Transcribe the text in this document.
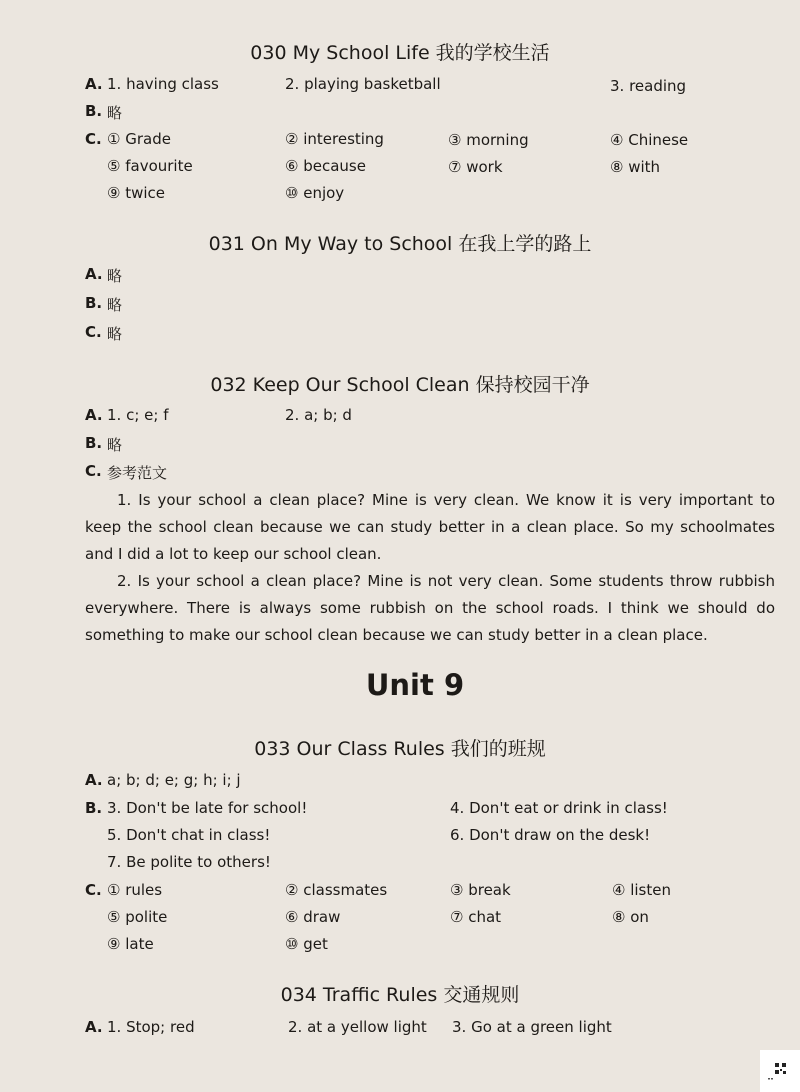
030 My School Life 我的学校生活
A. 1. having class	2. playing basketball	3. reading
B. 略
C. ① Grade	② interesting	③ morning	④ Chinese
⑤ favourite	⑥ because	⑦ work	⑧ with
⑨ twice	⑩ enjoy
031 On My Way to School 在我上学的路上
A. 略
B. 略
C. 略
032 Keep Our School Clean 保持校园干净
A. 1. c; e; f	2. a; b; d
B. 略
C. 参考范文
1. Is your school a clean place? Mine is very clean. We know it is very important to keep the school clean because we can study better in a clean place. So my schoolmates and I did a lot to keep our school clean.
2. Is your school a clean place? Mine is not very clean. Some students throw rubbish everywhere. There is always some rubbish on the school roads. I think we should do something to make our school clean because we can study better in a clean place.
Unit 9
033 Our Class Rules 我们的班规
A. a; b; d; e; g; h; i; j
B. 3. Don't be late for school!	4. Don't eat or drink in class!
5. Don't chat in class!	6. Don't draw on the desk!
7. Be polite to others!
C. ① rules	② classmates	③ break	④ listen
⑤ polite	⑥ draw	⑦ chat	⑧ on
⑨ late	⑩ get
034 Traffic Rules 交通规则
A. 1. Stop; red	2. at a yellow light 3. Go at a green light
